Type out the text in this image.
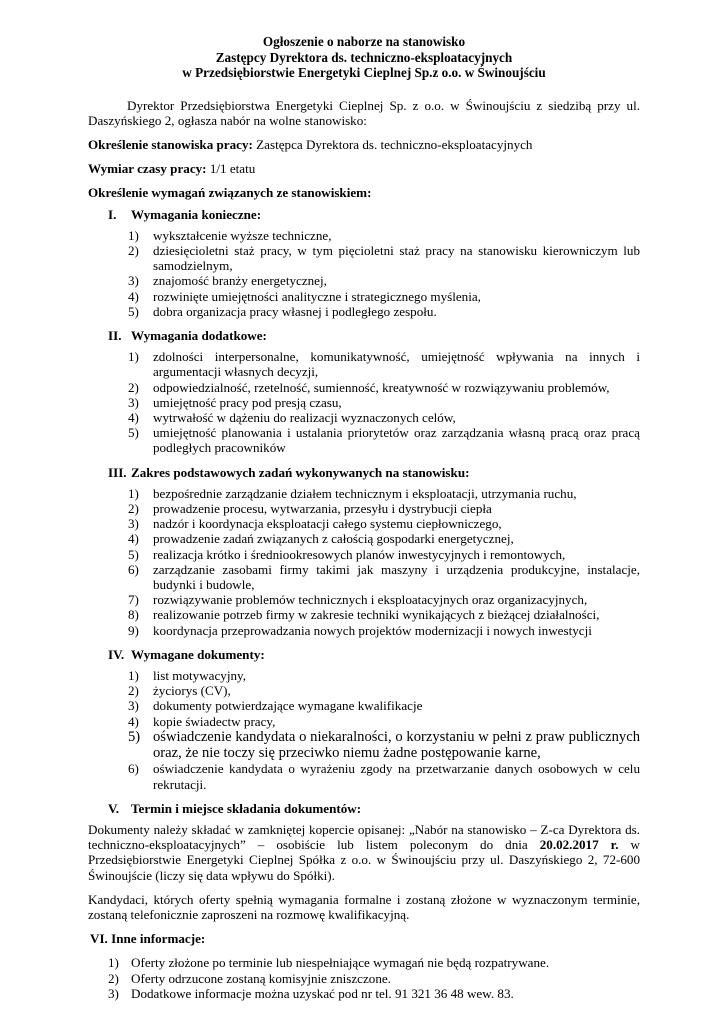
Ogłoszenie o naborze na stanowisko
Zastępcy Dyrektora ds. techniczno-eksploatacyjnych
w Przedsiębiorstwie Energetyki Cieplnej Sp.z o.o. w Świnoujściu

Dyrektor Przedsiębiorstwa Energetyki Cieplnej Sp. z o.o. w Świnoujściu z siedzibą przy ul. Daszyńskiego 2, ogłasza nabór na wolne stanowisko:

Określenie stanowiska pracy: Zastępca Dyrektora ds. techniczno-eksploatacyjnych

Wymiar czasy pracy: 1/1 etatu

Określenie wymagań związanych ze stanowiskiem:

I. Wymagania konieczne:
1) wykształcenie wyższe techniczne,
2) dziesięcioletni staż pracy, w tym pięcioletni staż pracy na stanowisku kierowniczym lub samodzielnym,
3) znajomość branży energetycznej,
4) rozwinięte umiejętności analityczne i strategicznego myślenia,
5) dobra organizacja pracy własnej i podległego zespołu.
II. Wymagania dodatkowe:
1) zdolności interpersonalne, komunikatywność, umiejętność wpływania na innych i argumentacji własnych decyzji,
2) odpowiedzialność, rzetelność, sumienność, kreatywność w rozwiązywaniu problemów,
3) umiejętność pracy pod presją czasu,
4) wytrwałość w dążeniu do realizacji wyznaczonych celów,
5) umiejętność planowania i ustalania priorytetów oraz zarządzania własną pracą oraz pracą podległych pracowników
III. Zakres podstawowych zadań wykonywanych na stanowisku:
1) bezpośrednie zarządzanie działem technicznym i eksploatacji, utrzymania ruchu,
2) prowadzenie procesu, wytwarzania, przesyłu i dystrybucji ciepła
3) nadzór i koordynacja eksploatacji całego systemu ciepłowniczego,
4) prowadzenie zadań związanych z całością gospodarki energetycznej,
5) realizacja krótko i średniookresowych planów inwestycyjnych i remontowych,
6) zarządzanie zasobami firmy takimi jak maszyny i urządzenia produkcyjne, instalacje, budynki i budowle,
7) rozwiązywanie problemów technicznych i eksploatacyjnych oraz organizacyjnych,
8) realizowanie potrzeb firmy w zakresie techniki wynikających z bieżącej działalności,
9) koordynacja przeprowadzania nowych projektów modernizacji i nowych inwestycji
IV. Wymagane dokumenty:
1) list motywacyjny,
2) życiorys (CV),
3) dokumenty potwierdzające wymagane kwalifikacje
4) kopie świadectw pracy,
5) oświadczenie kandydata o niekaralności, o korzystaniu w pełni z praw publicznych oraz, że nie toczy się przeciwko niemu żadne postępowanie karne,
6) oświadczenie kandydata o wyrażeniu zgody na przetwarzanie danych osobowych w celu rekrutacji.
V. Termin i miejsce składania dokumentów:

Dokumenty należy składać w zamkniętej kopercie opisanej: „Nabór na stanowisko – Z-ca Dyrektora ds. techniczno-eksploatacyjnych” – osobiście lub listem poleconym do dnia 20.02.2017 r. w Przedsiębiorstwie Energetyki Cieplnej Spółka z o.o. w Świnoujściu przy ul. Daszyńskiego 2, 72-600 Świnoujście (liczy się data wpływu do Spółki).

Kandydaci, których oferty spełnią wymagania formalne i zostaną złożone w wyznaczonym terminie, zostaną telefonicznie zaproszeni na rozmowę kwalifikacyjną.

VI. Inne informacje:
1) Oferty złożone po terminie lub niespełniające wymagań nie będą rozpatrywane.
2) Oferty odrzucone zostaną komisyjnie zniszczone.
3) Dodatkowe informacje można uzyskać pod nr tel. 91 321 36 48 wew. 83.
